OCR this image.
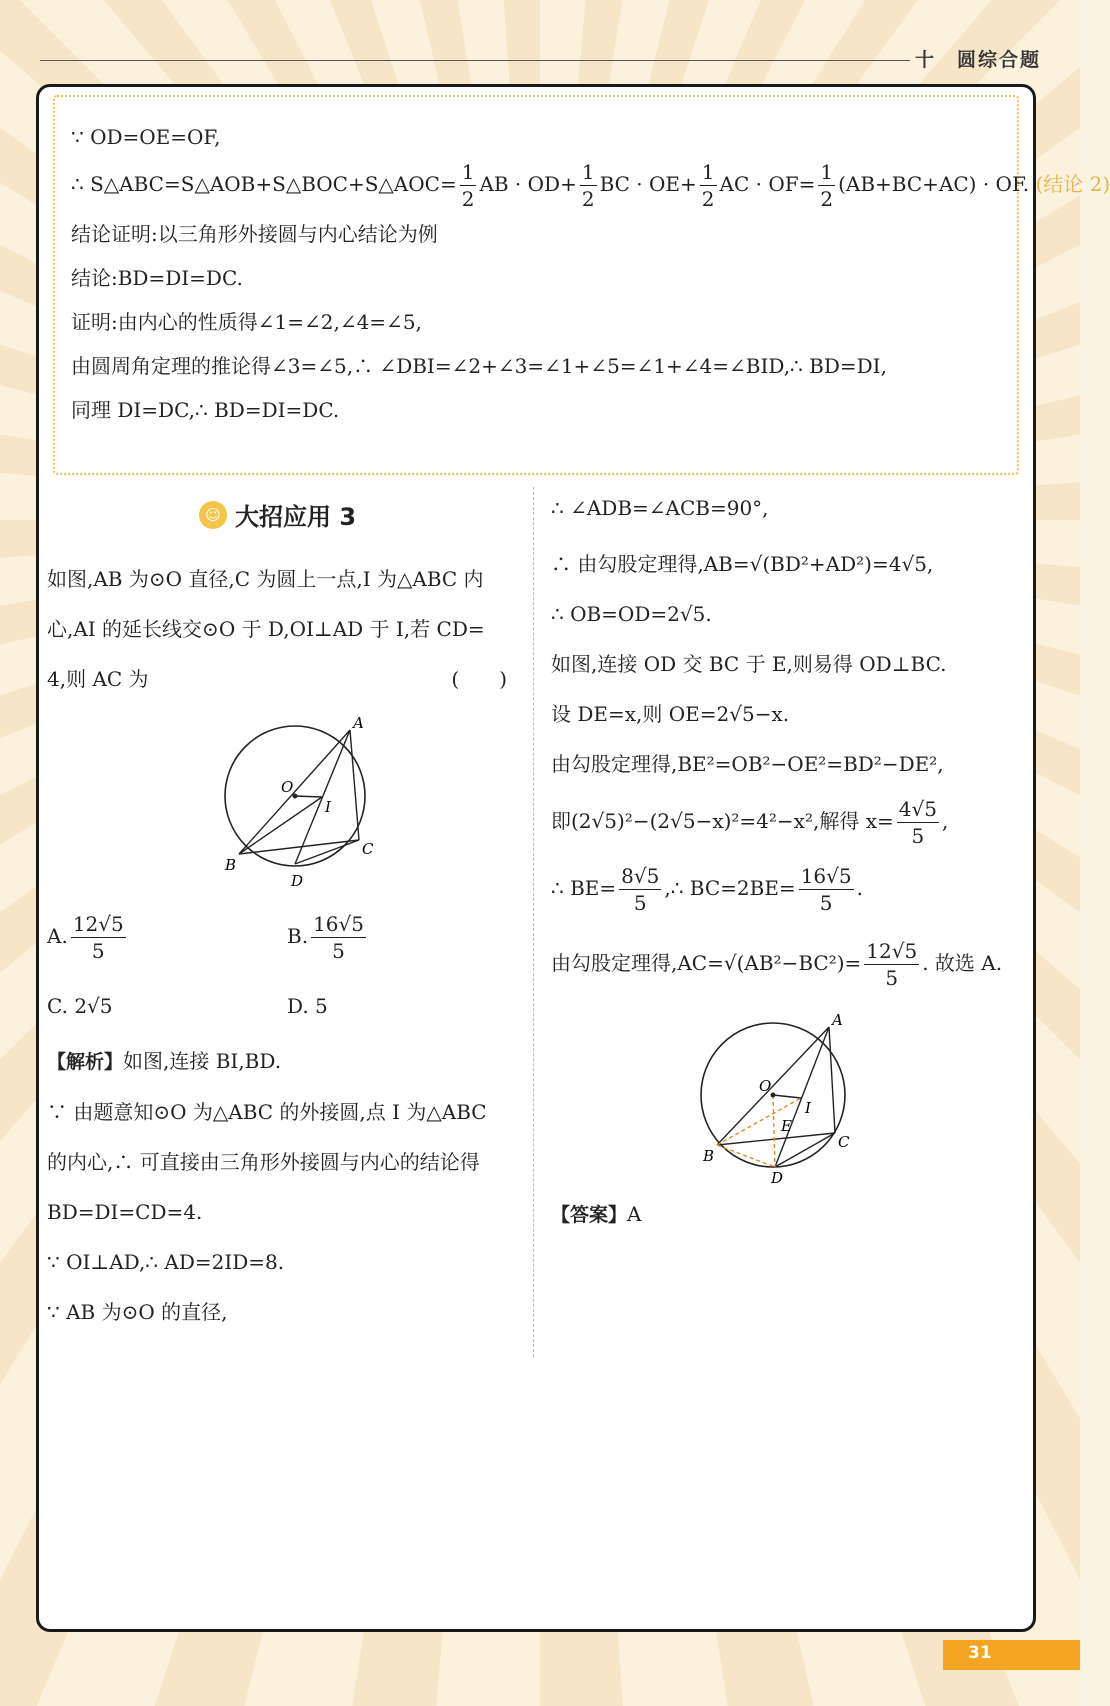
十　圆综合题
∵ OD=OE=OF,
∴ S△ABC=S△AOB+S△BOC+S△AOC= $\frac{1}{2}$ AB · $OD+ \frac{1}{2}$ BC · $OE+ \frac{1}{2}$ AC · $OF= \frac{1}{2} (AB+BC+AC)$ · OF. (结论 2)
结论证明:以三角形外接圆与内心结论为例
结论:BD=DI=DC.
证明:由内心的性质得∠1=∠2,∠4=∠5,
由圆周角定理的推论得∠3=∠5,∴ ∠DBI=∠2+∠3=∠1+∠5=∠1+∠4=∠BID,∴ BD=DI,
同理 DI=DC,∴ BD=DI=DC.
☺ 大招应用 3
如图,AB 为⊙O 直径,C 为圆上一点,I 为△ABC 内
心,AI 的延长线交⊙O 于 D,OI⊥AD 于 I,若 CD=
4,则 AC 为	(　　)
A
O
I
B
C
D
A. $\frac{12√5}{5}$	B. $\frac{16√5}{5}$
C. 2√5	D. 5
【解析】如图,连接 BI,BD.
∵ 由题意知⊙O 为△ABC 的外接圆,点 I 为△ABC
的内心,∴ 可直接由三角形外接圆与内心的结论得
BD=DI=CD=4.
∵ OI⊥AD,∴ AD=2ID=8.
∵ AB 为⊙O 的直径,
∴ ∠ADB=∠ACB=90°,
∴ 由勾股定理得,AB=√(BD²+AD²)=4√5,
∴ OB=OD=2√5.
如图,连接 OD 交 BC 于 E,则易得 OD⊥BC.
设 DE=x,则 OE=2√5−x.
由勾股定理得,BE²=OB²−OE²=BD²−DE²,
即(2√5)²−(2√5−x)²=4²−x²,解得 $x= \frac{4√5}{5}$ ,
∴ $BE= \frac{8√5}{5}$ ,∴ $BC=2BE= \frac{16√5}{5}$ .
由勾股定理得$,AC=√(AB^2-BC^2)= \frac{12√5}{5}$ . 故选 A.
A
O
I
E
B
C
D
【答案】A
31
